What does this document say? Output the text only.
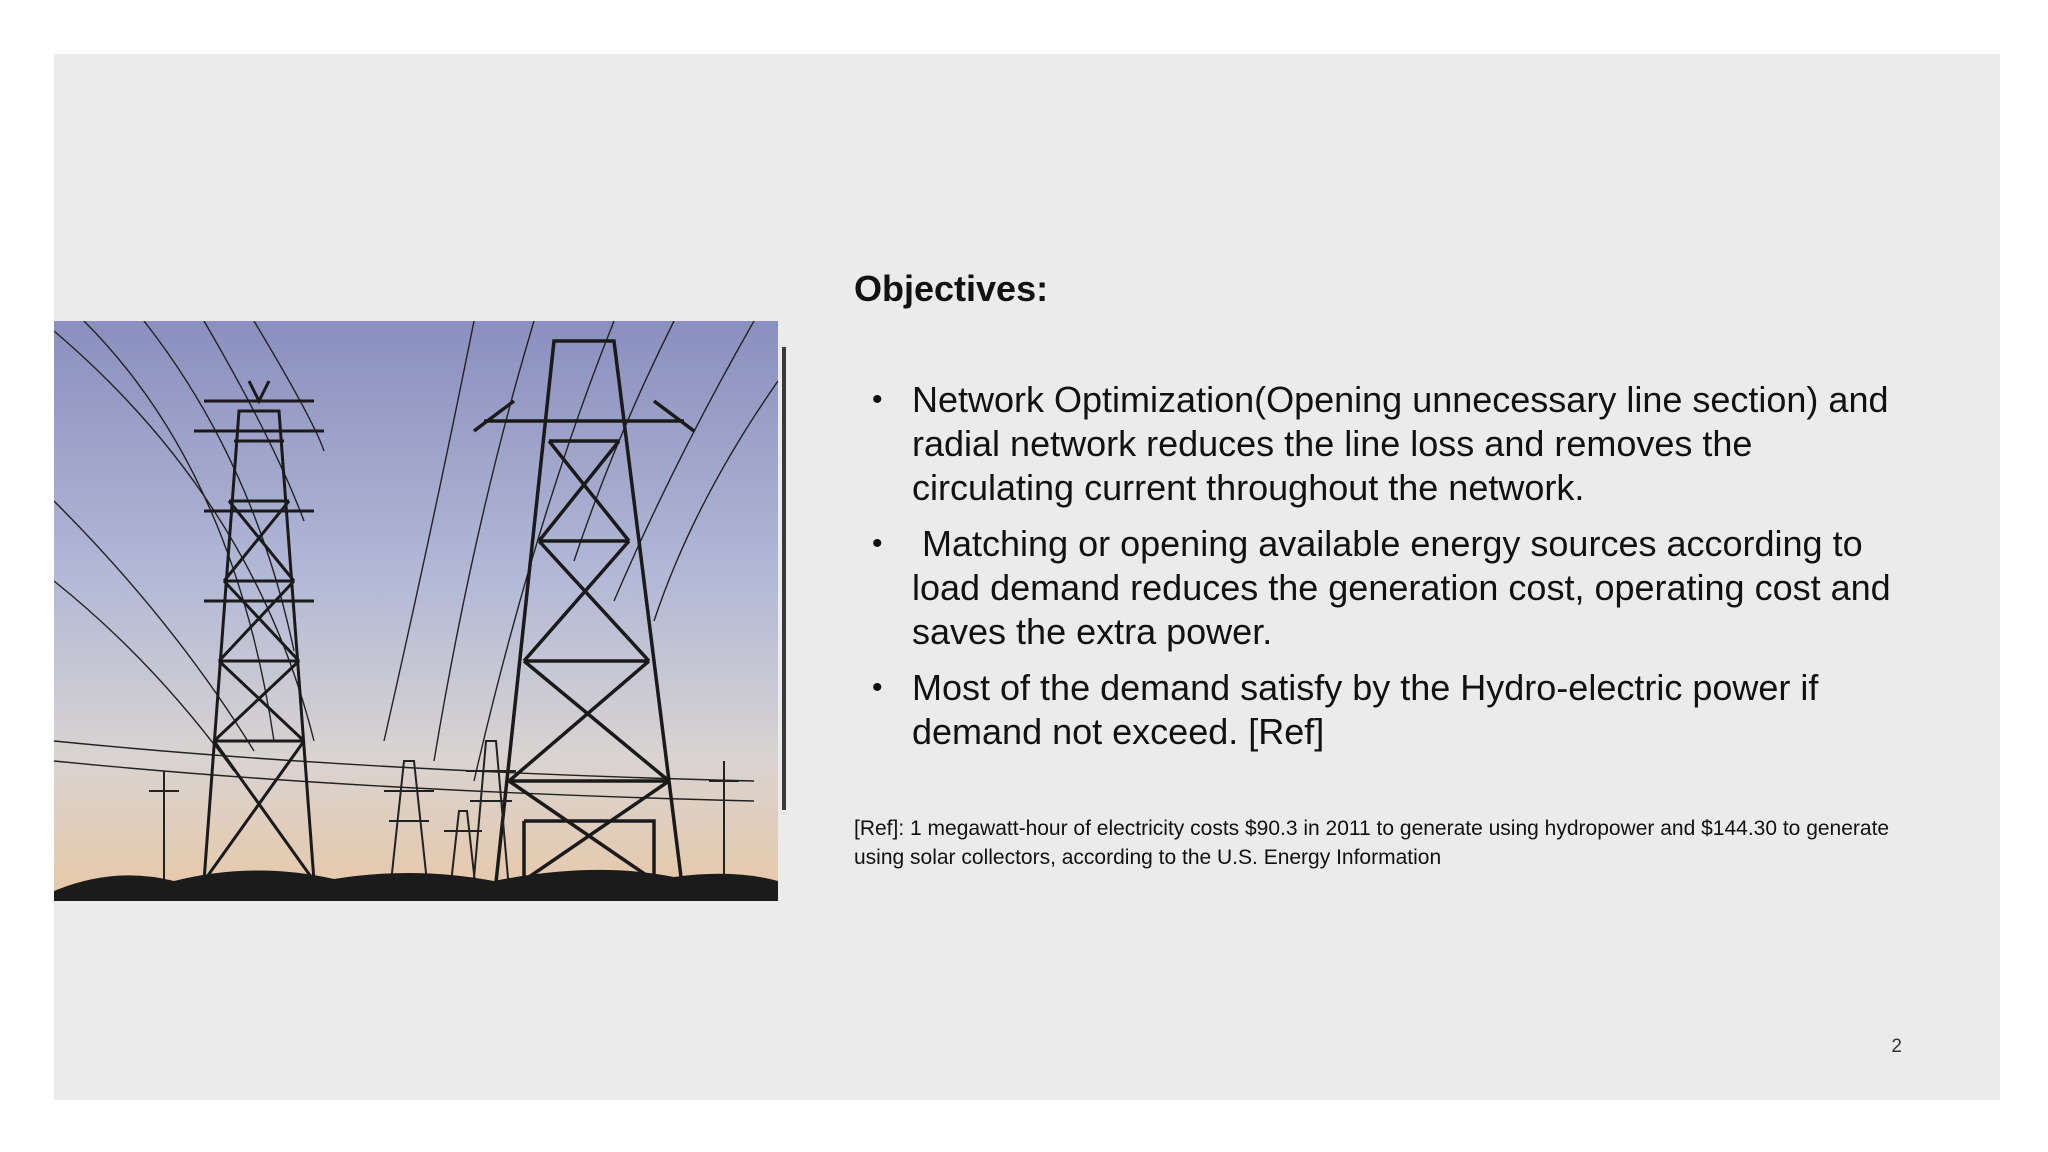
Objectives:
• Network Optimization(Opening unnecessary line section) and radial network reduces the line loss and removes the circulating current throughout the network.
• Matching or opening available energy sources according to load demand reduces the generation cost, operating cost and saves the extra power.
• Most of the demand satisfy by the Hydro-electric power if demand not exceed. [Ref]
[Ref]: 1 megawatt-hour of electricity costs $90.3 in 2011 to generate using hydropower and $144.30 to generate using solar collectors, according to the U.S. Energy Information
2
